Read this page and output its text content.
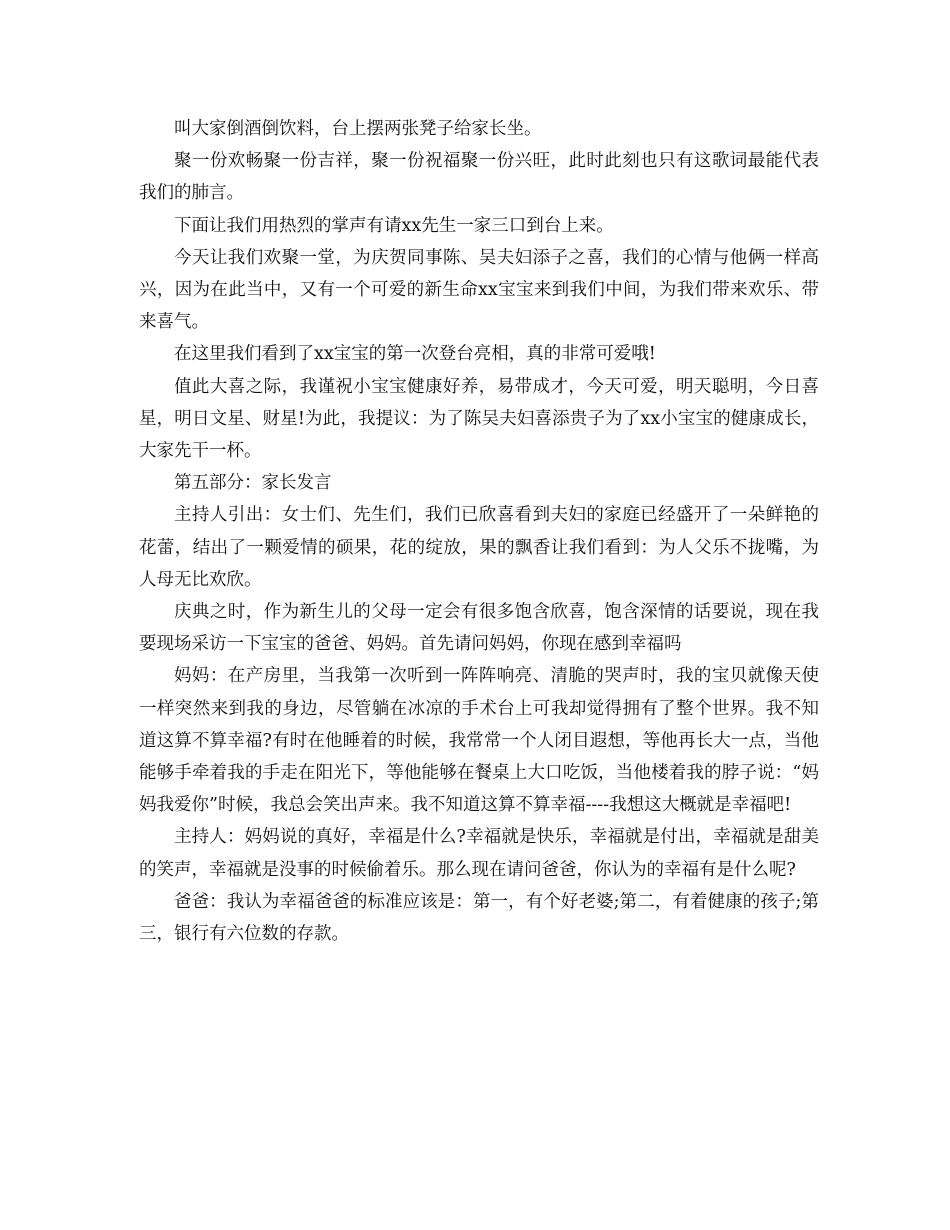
叫大家倒酒倒饮料，台上摆两张凳子给家长坐。

聚一份欢畅聚一份吉祥，聚一份祝福聚一份兴旺，此时此刻也只有这歌词最能代表我们的肺言。

下面让我们用热烈的掌声有请xx先生一家三口到台上来。

今天让我们欢聚一堂，为庆贺同事陈、吴夫妇添子之喜，我们的心情与他俩一样高兴，因为在此当中，又有一个可爱的新生命xx宝宝来到我们中间，为我们带来欢乐、带来喜气。

在这里我们看到了xx宝宝的第一次登台亮相，真的非常可爱哦!

值此大喜之际，我谨祝小宝宝健康好养，易带成才，今天可爱，明天聪明，今日喜星，明日文星、财星!为此，我提议：为了陈吴夫妇喜添贵子为了xx小宝宝的健康成长，大家先干一杯。

第五部分：家长发言

主持人引出：女士们、先生们，我们已欣喜看到夫妇的家庭已经盛开了一朵鲜艳的花蕾，结出了一颗爱情的硕果，花的绽放，果的飘香让我们看到：为人父乐不拢嘴，为人母无比欢欣。

庆典之时，作为新生儿的父母一定会有很多饱含欣喜，饱含深情的话要说，现在我要现场采访一下宝宝的爸爸、妈妈。首先请问妈妈，你现在感到幸福吗

妈妈：在产房里，当我第一次听到一阵阵响亮、清脆的哭声时，我的宝贝就像天使一样突然来到我的身边，尽管躺在冰凉的手术台上可我却觉得拥有了整个世界。我不知道这算不算幸福?有时在他睡着的时候，我常常一个人闭目遐想，等他再长大一点，当他能够手牵着我的手走在阳光下，等他能够在餐桌上大口吃饭，当他楼着我的脖子说：“妈妈我爱你”时候，我总会笑出声来。我不知道这算不算幸福----我想这大概就是幸福吧!

主持人：妈妈说的真好，幸福是什么?幸福就是快乐，幸福就是付出，幸福就是甜美的笑声，幸福就是没事的时候偷着乐。那么现在请问爸爸，你认为的幸福有是什么呢?

爸爸：我认为幸福爸爸的标准应该是：第一，有个好老婆;第二，有着健康的孩子;第三，银行有六位数的存款。
